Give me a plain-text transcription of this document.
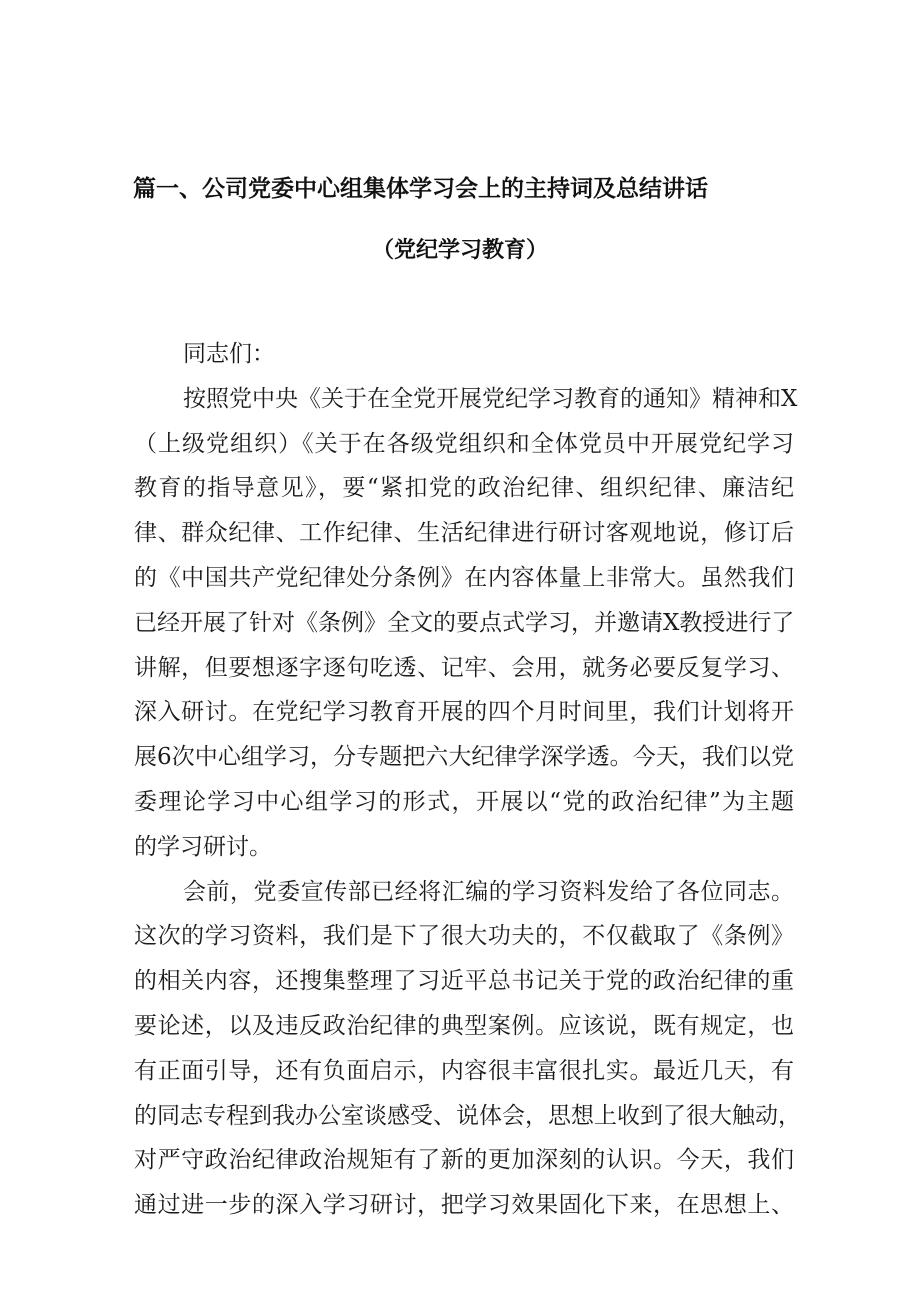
篇一、公司党委中心组集体学习会上的主持词及总结讲话
（党纪学习教育）
同志们：
按照党中央《关于在全党开展党纪学习教育的通知》精神和X
（上级党组织）《关于在各级党组织和全体党员中开展党纪学习
教育的指导意见》，要“紧扣党的政治纪律、组织纪律、廉洁纪
律、群众纪律、工作纪律、生活纪律进行研讨客观地说，修订后
的《中国共产党纪律处分条例》在内容体量上非常大。虽然我们
已经开展了针对《条例》全文的要点式学习，并邀请X教授进行了
讲解，但要想逐字逐句吃透、记牢、会用，就务必要反复学习、
深入研讨。在党纪学习教育开展的四个月时间里，我们计划将开
展6次中心组学习，分专题把六大纪律学深学透。今天，我们以党
委理论学习中心组学习的形式，开展以“党的政治纪律”为主题
的学习研讨。
会前，党委宣传部已经将汇编的学习资料发给了各位同志。
这次的学习资料，我们是下了很大功夫的，不仅截取了《条例》
的相关内容，还搜集整理了习近平总书记关于党的政治纪律的重
要论述，以及违反政治纪律的典型案例。应该说，既有规定，也
有正面引导，还有负面启示，内容很丰富很扎实。最近几天，有
的同志专程到我办公室谈感受、说体会，思想上收到了很大触动，
对严守政治纪律政治规矩有了新的更加深刻的认识。今天，我们
通过进一步的深入学习研讨，把学习效果固化下来，在思想上、
